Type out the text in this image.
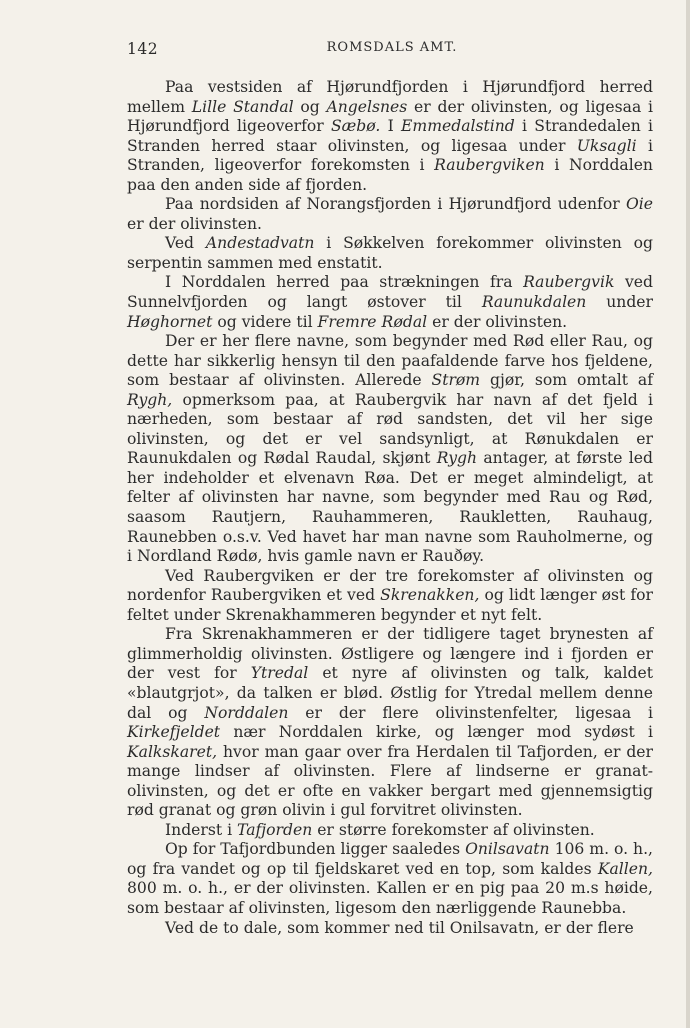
142	ROMSDALS AMT.

Paa vestsiden af Hjørundfjorden i Hjørundfjord herred mellem Lille Standal og Angelsnes er der olivinsten, og ligesaa i Hjørundfjord ligeoverfor Sæbø. I Emmedalstind i Strandedalen i Stranden herred staar olivinsten, og ligesaa under Uksagli i Stranden, ligeoverfor forekomsten i Raubergviken i Norddalen paa den anden side af fjorden.

Paa nordsiden af Norangsfjorden i Hjørundfjord udenfor Oie er der olivinsten.

Ved Andestadvatn i Søkkelven forekommer olivinsten og serpentin sammen med enstatit.

I Norddalen herred paa strækningen fra Raubergvik ved Sunnelvfjorden og langt østover til Raunukdalen under Høghornet og videre til Fremre Rødal er der olivinsten.

Der er her flere navne, som begynder med Rød eller Rau, og dette har sikkerlig hensyn til den paafaldende farve hos fjeldene, som bestaar af olivinsten. Allerede Strøm gjør, som omtalt af Rygh, opmerksom paa, at Raubergvik har navn af det fjeld i nærheden, som bestaar af rød sandsten, det vil her sige olivinsten, og det er vel sandsynligt, at Rønukdalen er Raunukdalen og Rødal Raudal, skjønt Rygh antager, at første led her indeholder et elvenavn Røa. Det er meget almindeligt, at felter af olivinsten har navne, som begynder med Rau og Rød, saasom Rautjern, Rauhammeren, Raukletten, Rauhaug, Raunebben o.s.v. Ved havet har man navne som Rauholmerne, og i Nordland Rødø, hvis gamle navn er Rauðøy.

Ved Raubergviken er der tre forekomster af olivinsten og nordenfor Raubergviken et ved Skrenakken, og lidt længer øst for feltet under Skrenakhammeren begynder et nyt felt.

Fra Skrenakhammeren er der tidligere taget brynesten af glimmerholdig olivinsten. Østligere og længere ind i fjorden er der vest for Ytredal et nyre af olivinsten og talk, kaldet «blautgrjot», da talken er blød. Østlig for Ytredal mellem denne dal og Norddalen er der flere olivinstenfelter, ligesaa i Kirkefjeldet nær Norddalen kirke, og længer mod sydøst i Kalkskaret, hvor man gaar over fra Herdalen til Tafjorden, er der mange lindser af olivinsten. Flere af lindserne er granat-olivinsten, og det er ofte en vakker bergart med gjennemsigtig rød granat og grøn olivin i gul forvitret olivinsten.

Inderst i Tafjorden er større forekomster af olivinsten.

Op for Tafjordbunden ligger saaledes Onilsavatn 106 m. o. h., og fra vandet og op til fjeldskaret ved en top, som kaldes Kallen, 800 m. o. h., er der olivinsten. Kallen er en pig paa 20 m.s høide, som bestaar af olivinsten, ligesom den nærliggende Raunebba.

Ved de to dale, som kommer ned til Onilsavatn, er der flere
